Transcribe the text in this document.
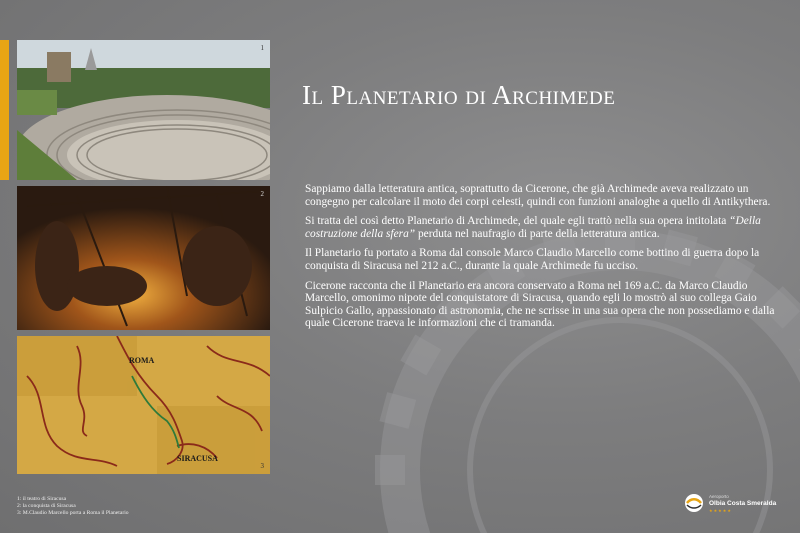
1
2
ROMA
SIRACUSA
3
Il Planetario di Archimede

Sappiamo dalla letteratura antica, soprattutto da Cicerone, che già Archimede aveva realizzato un congegno per calcolare il moto dei corpi celesti, quindi con funzioni analoghe a quello di Antikythera.

Si tratta del così detto Planetario di Archimede, del quale egli trattò nella sua opera intitolata “Della costruzione della sfera” perduta nel naufragio di parte della letteratura antica.

Il Planetario fu portato a Roma dal console Marco Claudio Marcello come bottino di guerra dopo la conquista di Siracusa nel 212 a.C., durante la quale Archimede fu ucciso.

Cicerone racconta che il Planetario era ancora conservato a Roma nel 169 a.C. da Marco Claudio Marcello, omonimo nipote del conquistatore di Siracusa, quando egli lo mostrò al suo collega Gaio Sulpicio Gallo, appassionato di astronomia, che ne scrisse in una sua opera che non possediamo e dalla quale Cicerone traeva le informazioni che ci tramanda.

1: il teatro di Siracusa
2: la conquista di Siracusa
3: M.Claudio Marcello porta a Roma il Planetario
Aeroporto
Olbia Costa Smeralda
★★★★★
